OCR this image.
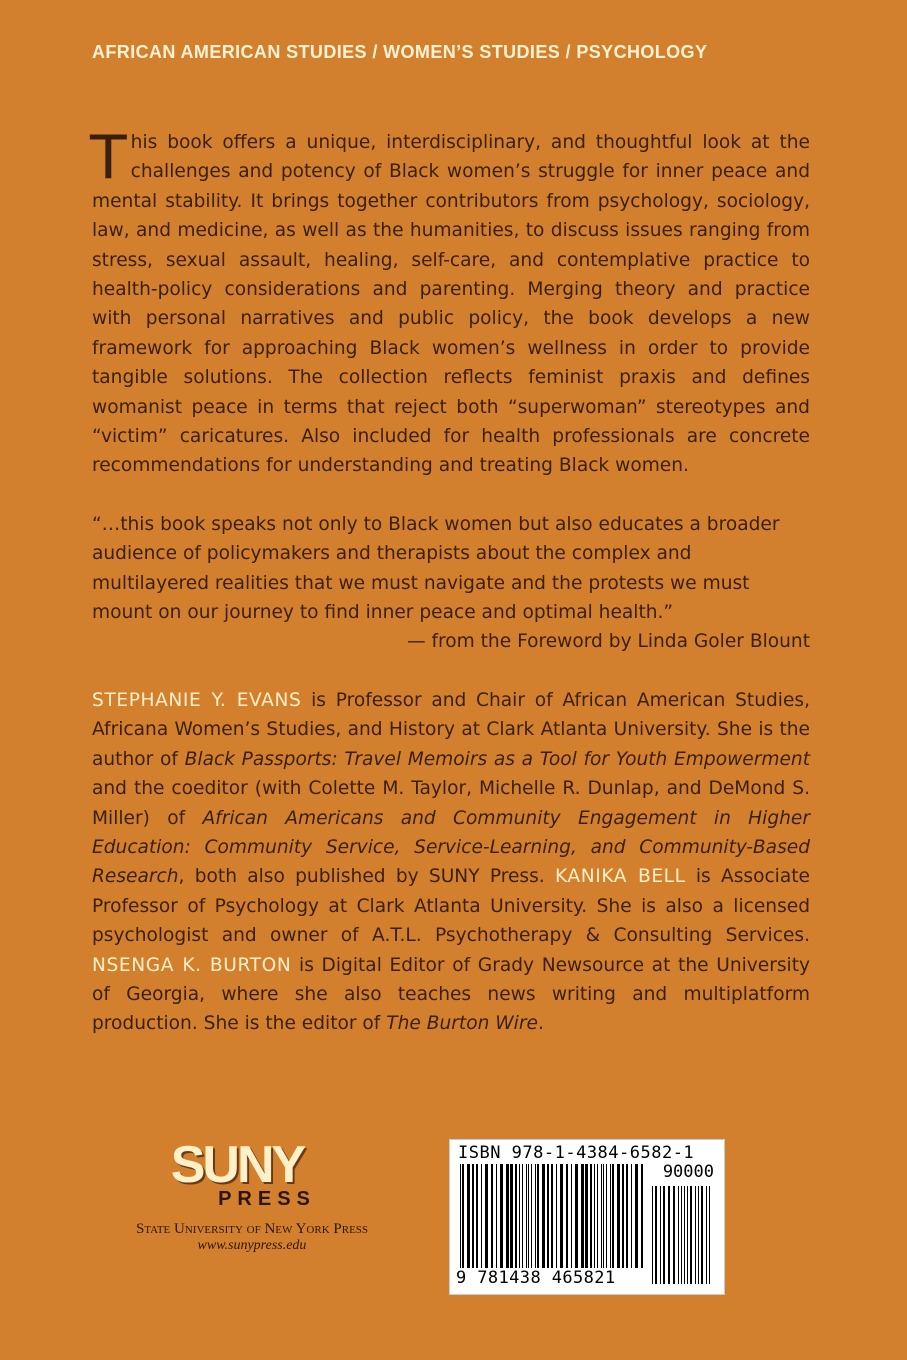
AFRICAN AMERICAN STUDIES / WOMEN’S STUDIES / PSYCHOLOGY

This book offers a unique, interdisciplinary, and thoughtful look at the challenges and potency of Black women’s struggle for inner peace and mental stability. It brings together contributors from psychology, sociology, law, and medicine, as well as the humanities, to discuss issues ranging from stress, sexual assault, healing, self-care, and contemplative practice to health-policy considerations and parenting. Merging theory and practice with personal narratives and public policy, the book develops a new framework for approaching Black women’s wellness in order to provide tangible solutions. The collection reflects feminist praxis and defines womanist peace in terms that reject both “superwoman” stereotypes and “victim” caricatures. Also included for health professionals are concrete recommendations for understanding and treating Black women.

“…this book speaks not only to Black women but also educates a broader audience of policymakers and therapists about the complex and multilayered realities that we must navigate and the protests we must mount on our journey to find inner peace and optimal health.”

— from the Foreword by Linda Goler Blount

STEPHANIE Y. EVANS is Professor and Chair of African American Studies, Africana Women’s Studies, and History at Clark Atlanta University. She is the author of Black Passports: Travel Memoirs as a Tool for Youth Empowerment and the coeditor (with Colette M. Taylor, Michelle R. Dunlap, and DeMond S. Miller) of African Americans and Community Engagement in Higher Education: Community Service, Service-Learning, and Community-Based Research, both also published by SUNY Press. KANIKA BELL is Associate Professor of Psychology at Clark Atlanta University. She is also a licensed psychologist and owner of A.T.L. Psychotherapy & Consulting Services. NSENGA K. BURTON is Digital Editor of Grady Newsource at the University of Georgia, where she also teaches news writing and multiplatform production. She is the editor of The Burton Wire.

SUNY
PRESS
State University of New York Press
www.sunypress.edu
ISBN 978-1-4384-6582-1
90000
9 781438 465821
